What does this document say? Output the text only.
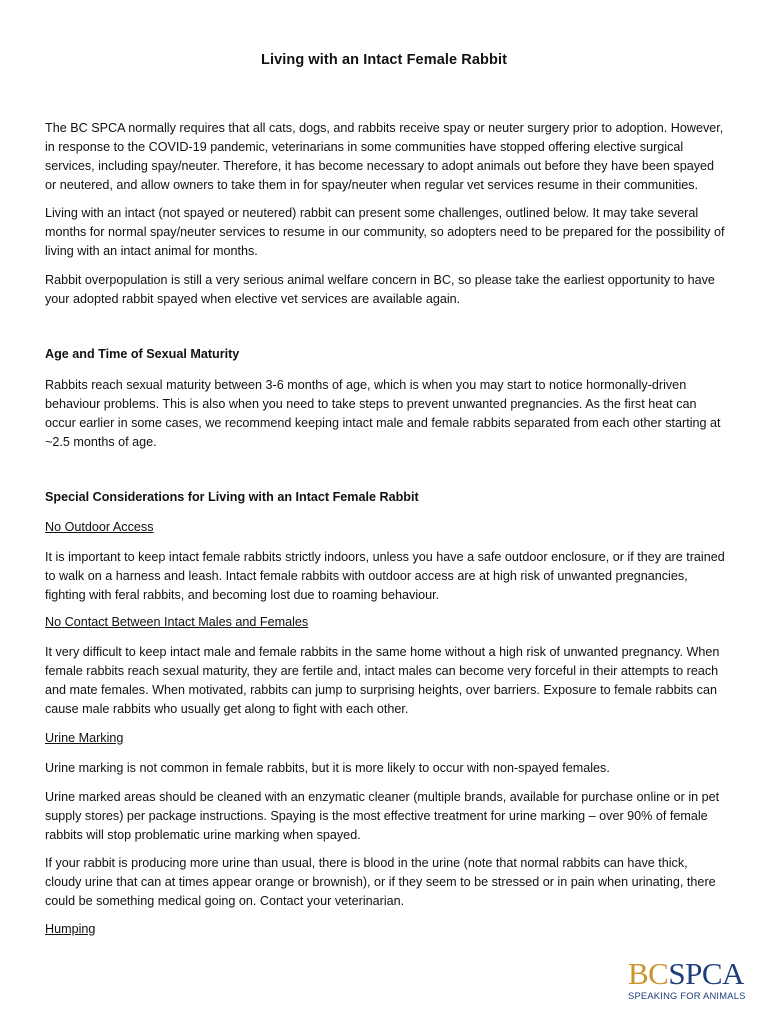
Living with an Intact Female Rabbit

The BC SPCA normally requires that all cats, dogs, and rabbits receive spay or neuter surgery prior to adoption. However, in response to the COVID-19 pandemic, veterinarians in some communities have stopped offering elective surgical services, including spay/neuter. Therefore, it has become necessary to adopt animals out before they have been spayed or neutered, and allow owners to take them in for spay/neuter when regular vet services resume in their communities.

Living with an intact (not spayed or neutered) rabbit can present some challenges, outlined below. It may take several months for normal spay/neuter services to resume in our community, so adopters need to be prepared for the possibility of living with an intact animal for months.

Rabbit overpopulation is still a very serious animal welfare concern in BC, so please take the earliest opportunity to have your adopted rabbit spayed when elective vet services are available again.

Age and Time of Sexual Maturity

Rabbits reach sexual maturity between 3-6 months of age, which is when you may start to notice hormonally-driven behaviour problems. This is also when you need to take steps to prevent unwanted pregnancies. As the first heat can occur earlier in some cases, we recommend keeping intact male and female rabbits separated from each other starting at ~2.5 months of age.

Special Considerations for Living with an Intact Female Rabbit
No Outdoor Access

It is important to keep intact female rabbits strictly indoors, unless you have a safe outdoor enclosure, or if they are trained to walk on a harness and leash. Intact female rabbits with outdoor access are at high risk of unwanted pregnancies, fighting with feral rabbits, and becoming lost due to roaming behaviour.

No Contact Between Intact Males and Females

It very difficult to keep intact male and female rabbits in the same home without a high risk of unwanted pregnancy. When female rabbits reach sexual maturity, they are fertile and, intact males can become very forceful in their attempts to reach and mate females. When motivated, rabbits can jump to surprising heights, over barriers. Exposure to female rabbits can cause male rabbits who usually get along to fight with each other.

Urine Marking

Urine marking is not common in female rabbits, but it is more likely to occur with non-spayed females.

Urine marked areas should be cleaned with an enzymatic cleaner (multiple brands, available for purchase online or in pet supply stores) per package instructions. Spaying is the most effective treatment for urine marking – over 90% of female rabbits will stop problematic urine marking when spayed.

If your rabbit is producing more urine than usual, there is blood in the urine (note that normal rabbits can have thick, cloudy urine that can at times appear orange or brownish), or if they seem to be stressed or in pain when urinating, there could be something medical going on. Contact your veterinarian.

Humping
BCSPCA
SPEAKING FOR ANIMALS
